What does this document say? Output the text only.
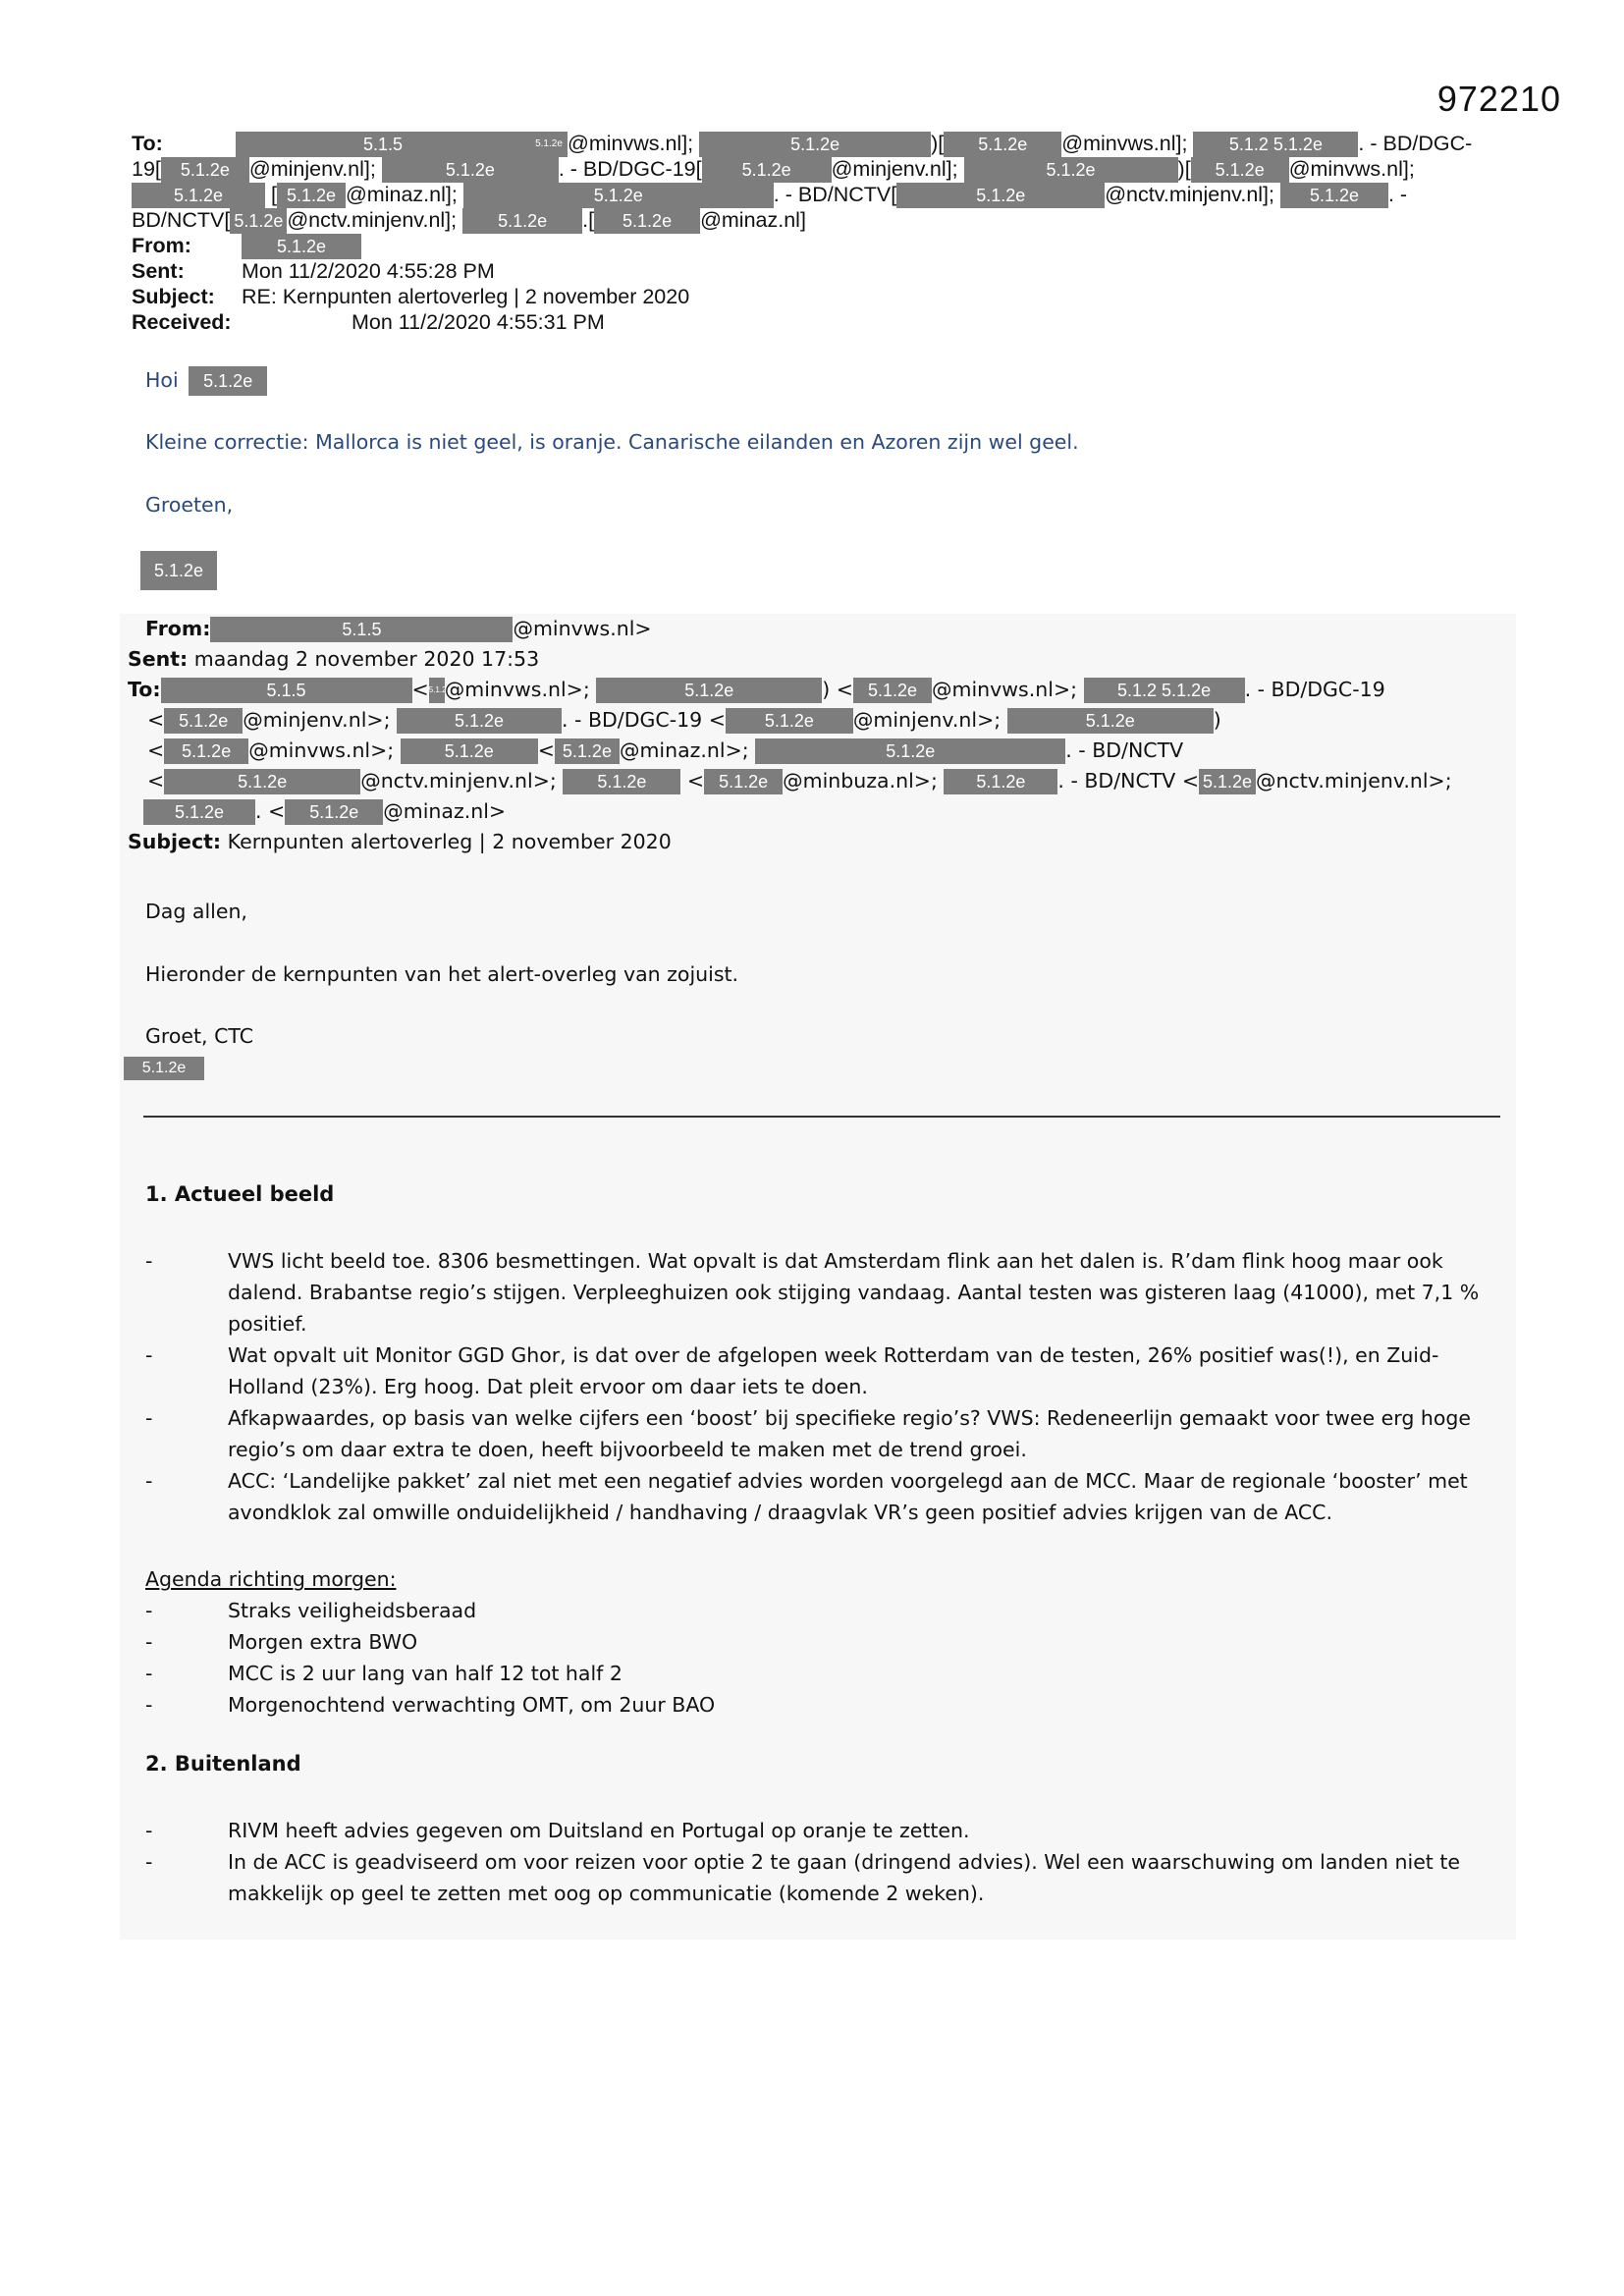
972210
To:	5.1.5	5.1.2e @minvws.nl];	5.1.2e	)[ 5.1.2e @minvws.nl]; 5.1.2 5.1.2e . - BD/DGC-
19[ 5.1.2e @minjenv.nl];	5.1.2e	. - BD/DGC-19[ 5.1.2e @minjenv.nl];	5.1.2e	)[ 5.1.2e @minvws.nl];
5.1.2e [ 5.1.2e @minaz.nl];	5.1.2e	. - BD/NCTV[	5.1.2e	@nctv.minjenv.nl]; 5.1.2e . -
BD/NCTV[ 5.1.2e @nctv.minjenv.nl]; 5.1.2e .[ 5.1.2e @minaz.nl]
From:	5.1.2e
Sent:	Mon 11/2/2020 4:55:28 PM
Subject: RE: Kernpunten alertoverleg | 2 november 2020
Received:	Mon 11/2/2020 4:55:31 PM
Hoi 5.1.2e
Kleine correctie: Mallorca is niet geel, is oranje. Canarische eilanden en Azoren zijn wel geel.
Groeten,
5.1.2e
From:	5.1.5	@minvws.nl>
Sent: maandag 2 november 2020 17:53
To:	5.1.5	<5.1.2e@minvws.nl>;	5.1.2e	) < 5.1.2e @minvws.nl>; 5.1.2 5.1.2e . - BD/DGC-19
< 5.1.2e @minjenv.nl>;	5.1.2e	. - BD/DGC-19 < 5.1.2e @minjenv.nl>;	5.1.2e	)
< 5.1.2e @minvws.nl>;	5.1.2e < 5.1.2e @minaz.nl>;	5.1.2e	. - BD/NCTV
<	5.1.2e	@nctv.minjenv.nl>; 5.1.2e < 5.1.2e @minbuza.nl>; 5.1.2e . - BD/NCTV < 5.1.2e @nctv.minjenv.nl>;
5.1.2e . < 5.1.2e @minaz.nl>
Subject: Kernpunten alertoverleg | 2 november 2020
Dag allen,
Hieronder de kernpunten van het alert-overleg van zojuist.
Groet, CTC
5.1.2e
1. Actueel beeld
-	VWS licht beeld toe. 8306 besmettingen. Wat opvalt is dat Amsterdam flink aan het dalen is. R’dam flink hoog maar ook dalend. Brabantse regio’s stijgen. Verpleeghuizen ook stijging vandaag. Aantal testen was gisteren laag (41000), met 7,1 % positief.
-	Wat opvalt uit Monitor GGD Ghor, is dat over de afgelopen week Rotterdam van de testen, 26% positief was(!), en Zuid-Holland (23%). Erg hoog. Dat pleit ervoor om daar iets te doen.
-	Afkapwaardes, op basis van welke cijfers een ‘boost’ bij specifieke regio’s? VWS: Redeneerlijn gemaakt voor twee erg hoge regio’s om daar extra te doen, heeft bijvoorbeeld te maken met de trend groei.
-	ACC: ‘Landelijke pakket’ zal niet met een negatief advies worden voorgelegd aan de MCC. Maar de regionale ‘booster’ met avondklok zal omwille onduidelijkheid / handhaving / draagvlak VR’s geen positief advies krijgen van de ACC.
Agenda richting morgen:
-	Straks veiligheidsberaad
-	Morgen extra BWO
-	MCC is 2 uur lang van half 12 tot half 2
-	Morgenochtend verwachting OMT, om 2uur BAO
2. Buitenland
-	RIVM heeft advies gegeven om Duitsland en Portugal op oranje te zetten.
-	In de ACC is geadviseerd om voor reizen voor optie 2 te gaan (dringend advies). Wel een waarschuwing om landen niet te makkelijk op geel te zetten met oog op communicatie (komende 2 weken).
